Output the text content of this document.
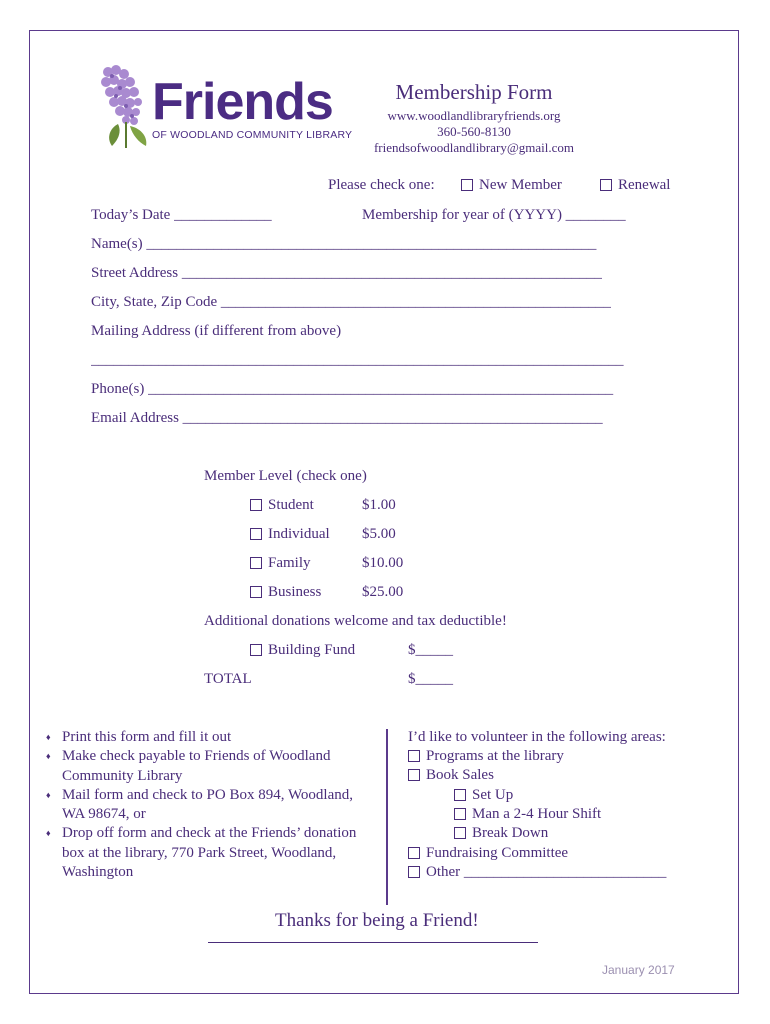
Friends
OF WOODLAND COMMUNITY LIBRARY
Membership Form
www.woodlandlibraryfriends.org
360-560-8130
friendsofwoodlandlibrary@gmail.com
Please check one:	New Member	Renewal
Today’s Date _____________	Membership for year of (YYYY) ________
Name(s) ____________________________________________________________
Street Address ________________________________________________________
City, State, Zip Code ____________________________________________________
Mailing Address (if different from above)
_______________________________________________________________________
Phone(s) ______________________________________________________________
Email Address ________________________________________________________
Member Level (check one)
Student	$1.00
Individual $5.00
Family	$10.00
Business	$25.00
Additional donations welcome and tax deductible!
Building Fund	$_____
TOTAL	$_____
♦ Print this form and fill it out
♦ Make check payable to Friends of Woodland Community Library
♦ Mail form and check to PO Box 894, Woodland, WA 98674, or
♦ Drop off form and check at the Friends’ donation box at the library, 770 Park Street, Woodland, Washington
I’d like to volunteer in the following areas:
Programs at the library
Book Sales
Set Up
Man a 2-4 Hour Shift
Break Down
Fundraising Committee
Other ___________________________
Thanks for being a Friend!
January 2017
